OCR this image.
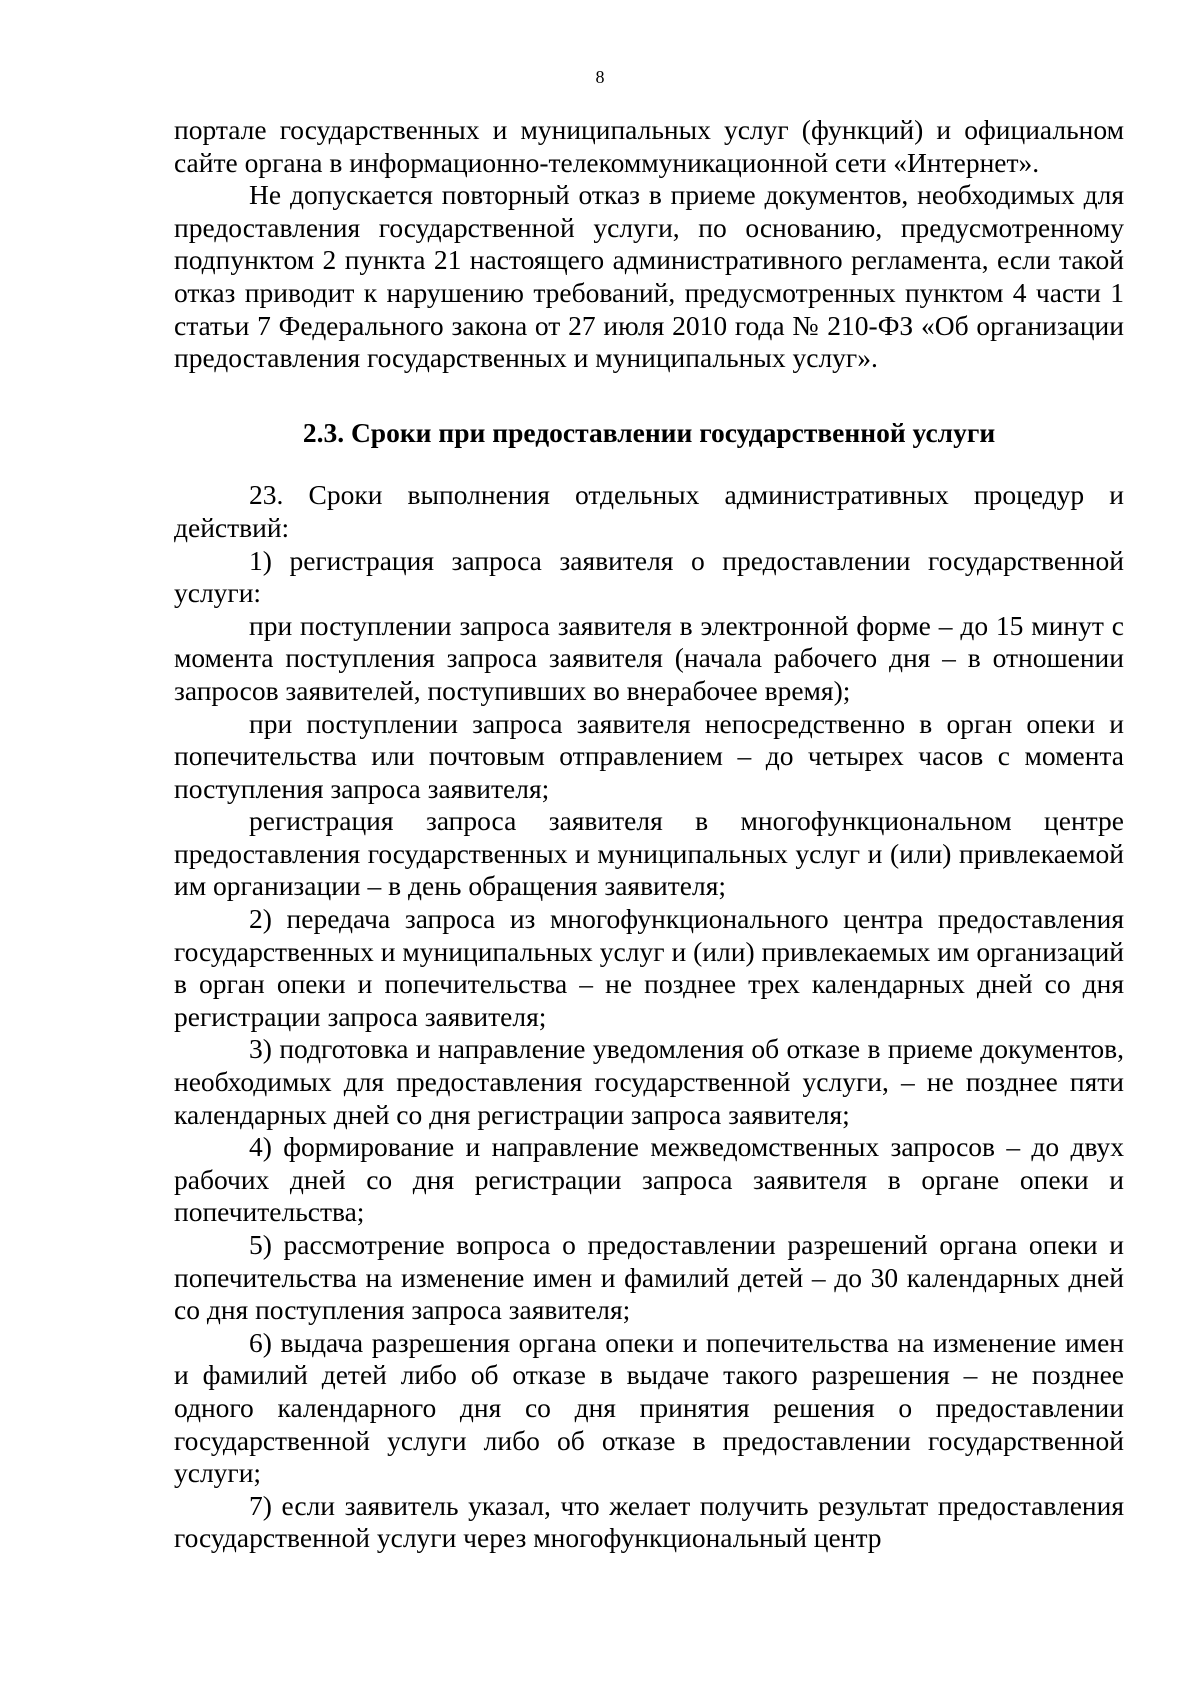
8

портале государственных и муниципальных услуг (функций) и официальном сайте органа в информационно-телекоммуникационной сети «Интернет».

Не допускается повторный отказ в приеме документов, необходимых для предоставления государственной услуги, по основанию, предусмотренному подпунктом 2 пункта 21 настоящего административного регламента, если такой отказ приводит к нарушению требований, предусмотренных пунктом 4 части 1 статьи 7 Федерального закона от 27 июля 2010 года № 210-ФЗ «Об организации предоставления государственных и муниципальных услуг».

2.3. Сроки при предоставлении государственной услуги

23. Сроки выполнения отдельных административных процедур и действий:

1) регистрация запроса заявителя о предоставлении государственной услуги:

при поступлении запроса заявителя в электронной форме – до 15 минут с момента поступления запроса заявителя (начала рабочего дня – в отношении запросов заявителей, поступивших во внерабочее время);

при поступлении запроса заявителя непосредственно в орган опеки и попечительства или почтовым отправлением – до четырех часов с момента поступления запроса заявителя;

регистрация запроса заявителя в многофункциональном центре предоставления государственных и муниципальных услуг и (или) привлекаемой им организации – в день обращения заявителя;

2) передача запроса из многофункционального центра предоставления государственных и муниципальных услуг и (или) привлекаемых им организаций в орган опеки и попечительства – не позднее трех календарных дней со дня регистрации запроса заявителя;

3) подготовка и направление уведомления об отказе в приеме документов, необходимых для предоставления государственной услуги, – не позднее пяти календарных дней со дня регистрации запроса заявителя;

4) формирование и направление межведомственных запросов – до двух рабочих дней со дня регистрации запроса заявителя в органе опеки и попечительства;

5) рассмотрение вопроса о предоставлении разрешений органа опеки и попечительства на изменение имен и фамилий детей – до 30 календарных дней со дня поступления запроса заявителя;

6) выдача разрешения органа опеки и попечительства на изменение имен и фамилий детей либо об отказе в выдаче такого разрешения – не позднее одного календарного дня со дня принятия решения о предоставлении государственной услуги либо об отказе в предоставлении государственной услуги;

7) если заявитель указал, что желает получить результат предоставления государственной услуги через многофункциональный центр
